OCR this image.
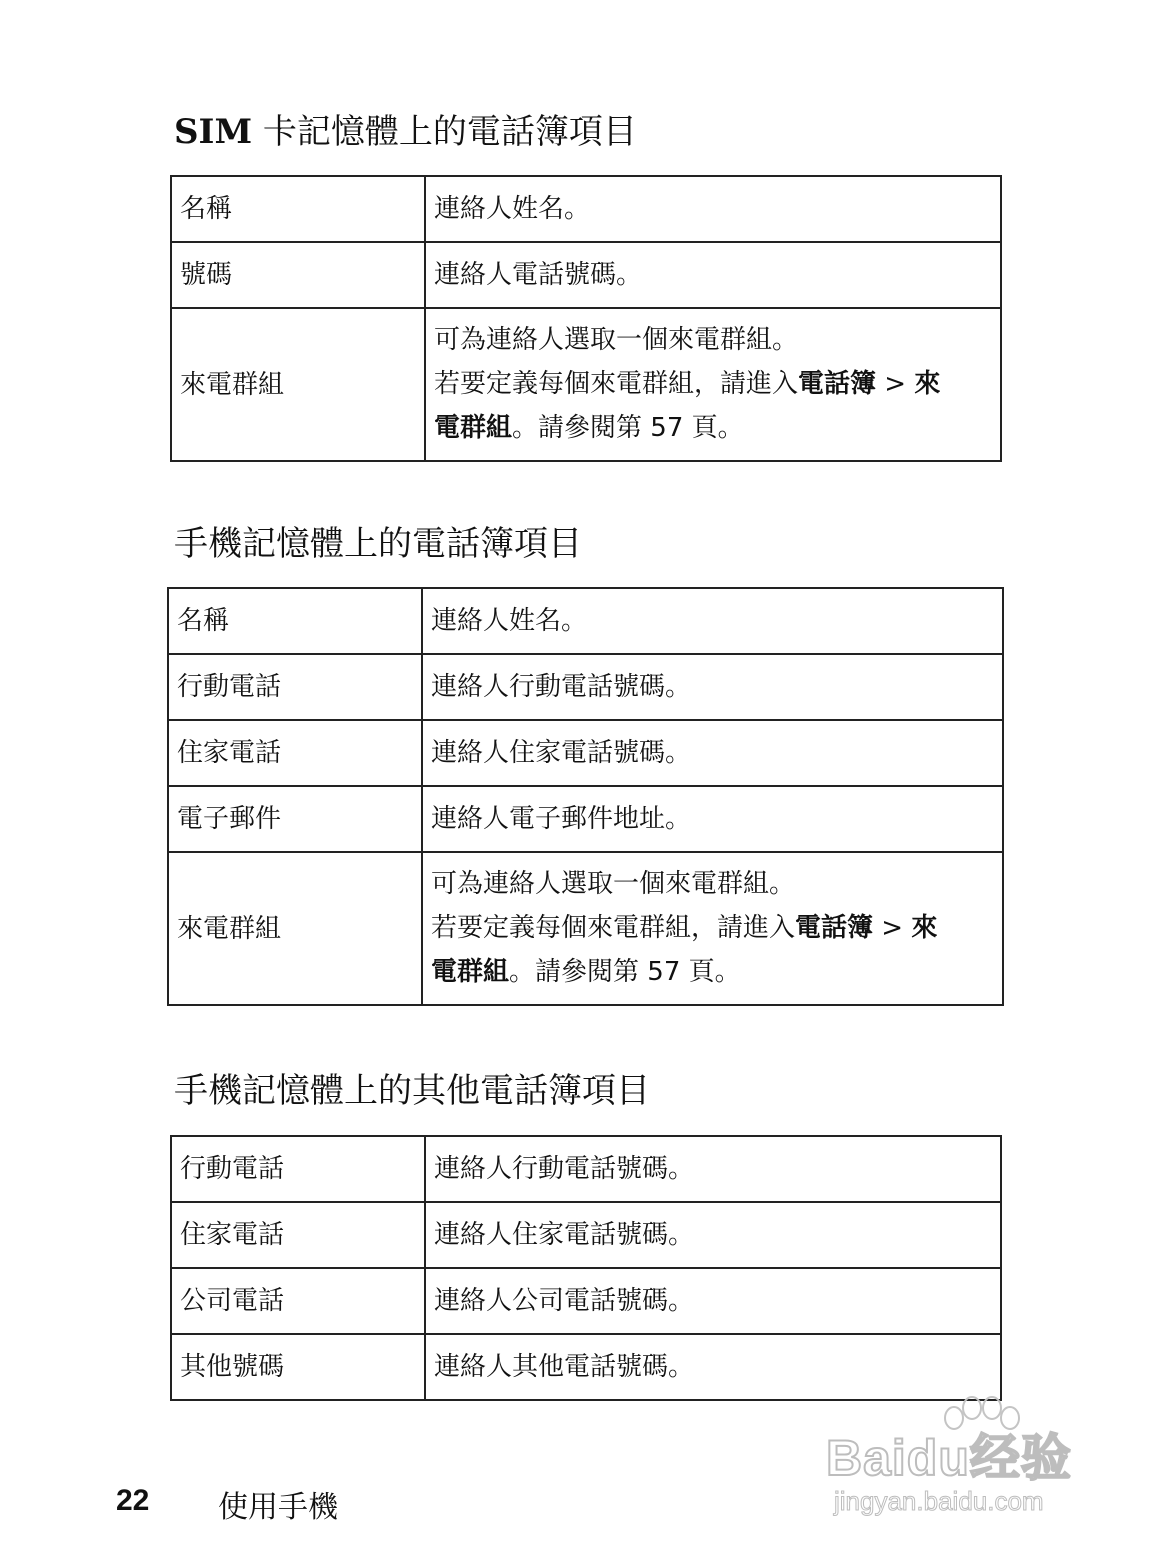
SIM 卡記憶體上的電話簿項目
名稱	連絡人姓名。
號碼	連絡人電話號碼。
來電群組	可為連絡人選取一個來電群組。
若要定義每個來電群組，請進入電話簿 > 來
電群組。請參閱第 57 頁。
手機記憶體上的電話簿項目
名稱	連絡人姓名。
行動電話	連絡人行動電話號碼。
住家電話	連絡人住家電話號碼。
電子郵件	連絡人電子郵件地址。
來電群組	可為連絡人選取一個來電群組。
若要定義每個來電群組，請進入電話簿 > 來
電群組。請參閱第 57 頁。
手機記憶體上的其他電話簿項目
行動電話	連絡人行動電話號碼。
住家電話	連絡人住家電話號碼。
公司電話	連絡人公司電話號碼。
其他號碼	連絡人其他電話號碼。
Baidu经验
jingyan.baidu.com
22 使用手機
